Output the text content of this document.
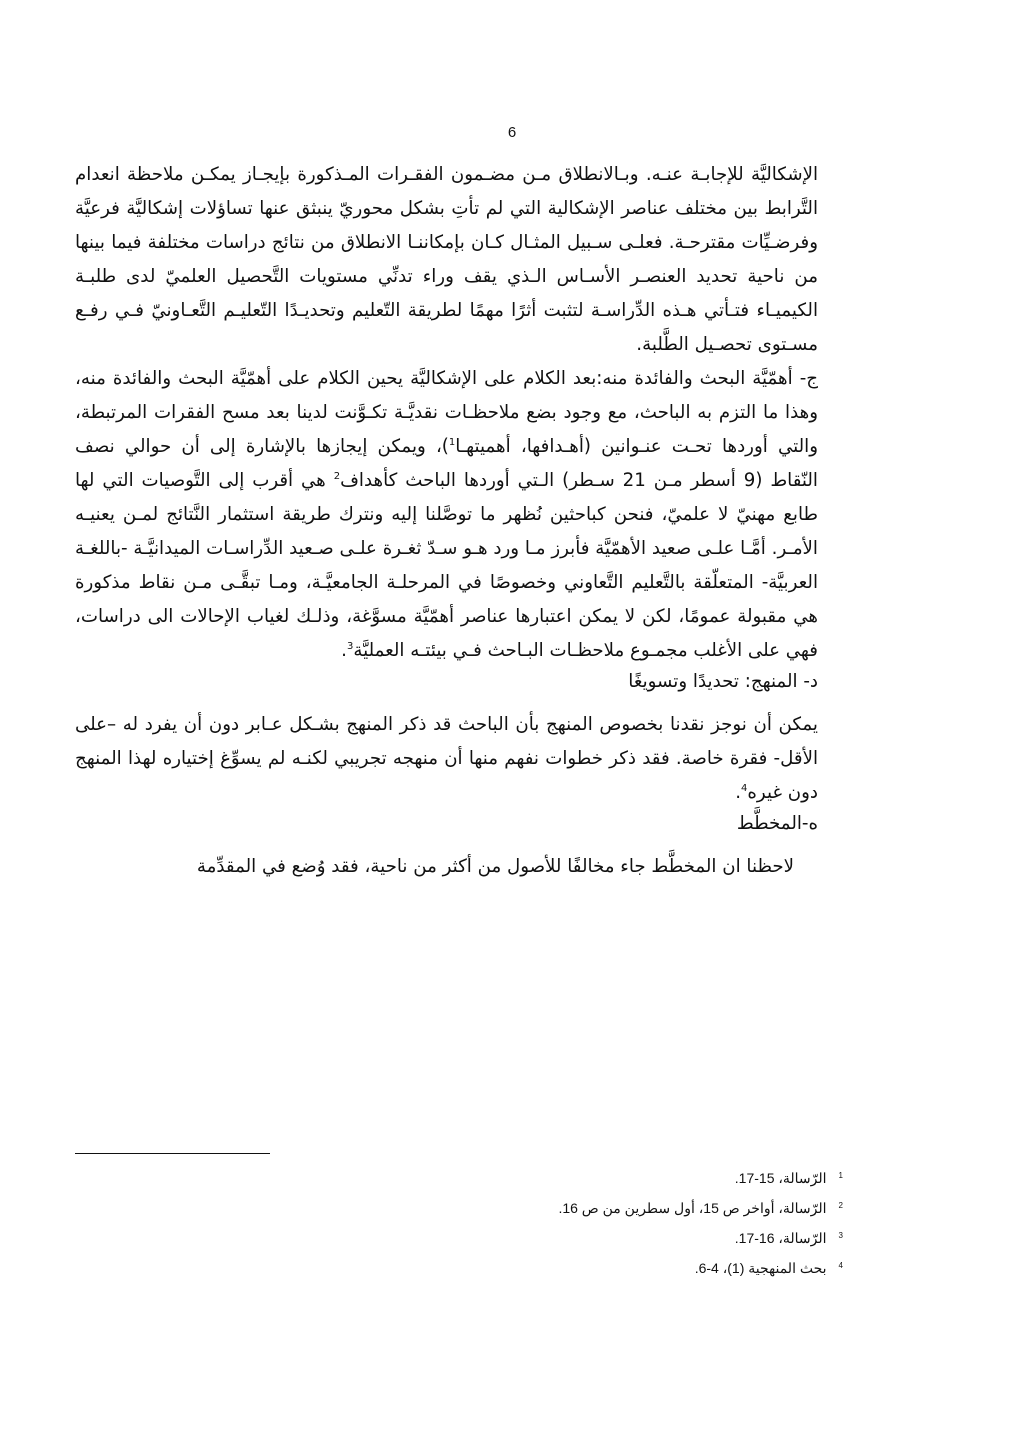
6

الإشكاليَّة للإجابـة عنـه. وبـالانطلاق مـن مضـمون الفقـرات المـذكورة بإيجـاز يمكـن ملاحظة انعدام التَّرابط بين مختلف عناصر الإشكالية التي لم تأتِ بشكل محوريّ ينبثق عنها تساؤلات إشكاليَّة فرعيَّة وفرضـيِّات مقترحـة. فعلـى سـبيل المثـال كـان بإمكاننـا الانطلاق من نتائج دراسات مختلفة فيما بينها من ناحية تحديد العنصـر الأسـاس الـذي يقف وراء تدنِّي مستويات التَّحصيل العلميّ لدى طلبـة الكيميـاء فتـأتي هـذه الدِّراسـة لتثبت أثرًا مهمًا لطريقة التّعليم وتحديـدًا التّعليـم التَّعـاونيّ فـي رفـع مسـتوى تحصـيل الطَّلبة.

ج- أهمّيَّة البحث والفائدة منه:بعد الكلام على الإشكاليَّة يحين الكلام على أهمّيَّة البحث والفائدة منه، وهذا ما التزم به الباحث، مع وجود بضع ملاحظـات نقديَّـة تكـوَّنت لدينا بعد مسح الفقرات المرتبطة، والتي أوردها تحـت عنـوانين (أهـدافها، أهميتهـا$^1$)، ويمكن إيجازها بالإشارة إلى أن حوالي نصف النّقاط (9 أسطر مـن 21 سـطر) الـتي أوردها الباحث كأهداف$^2$ هي أقرب إلى التَّوصيات التي لها طابع مهنيّ لا علميّ، فنحن كباحثين نُظهر ما توصَّلنا إليه ونترك طريقة استثمار النَّتائج لمـن يعنيـه الأمـر. أمَّـا علـى صعيد الأهمّيَّة فأبرز مـا ورد هـو سـدّ ثغـرة علـى صـعيد الدِّراسـات الميدانيَّـة -باللغـة العربيَّة- المتعلّقة بالتَّعليم التَّعاوني وخصوصًا في المرحلـة الجامعيَّـة، ومـا تبقَّـى مـن نقاط مذكورة هي مقبولة عمومًا، لكن لا يمكن اعتبارها عناصر أهمّيَّة مسوَّغة، وذلـك لغياب الإحالات الى دراسات، فهي على الأغلب مجمـوع ملاحظـات البـاحث فـي بيئتـه العمليَّة$^3$.

د- المنهج: تحديدًا وتسويغًا

يمكن أن نوجز نقدنا بخصوص المنهج بأن الباحث قد ذكر المنهج بشـكل عـابر دون أن يفرد له –على الأقل- فقرة خاصة. فقد ذكر خطوات نفهم منها أن منهجه تجريبي لكنـه لم يسوِّغ إختياره لهذا المنهج دون غيره$^4$.

ه-المخطَّط

لاحظنا ان المخطَّط جاء مخالفًا للأصول من أكثر من ناحية، فقد وُضع في المقدِّمة

1الرّسالة، 15-17.
2الرّسالة، أواخر ص 15، أول سطرين من ص 16.
3الرّسالة، 16-17.
4بحث المنهجية (1)، 4-6.
